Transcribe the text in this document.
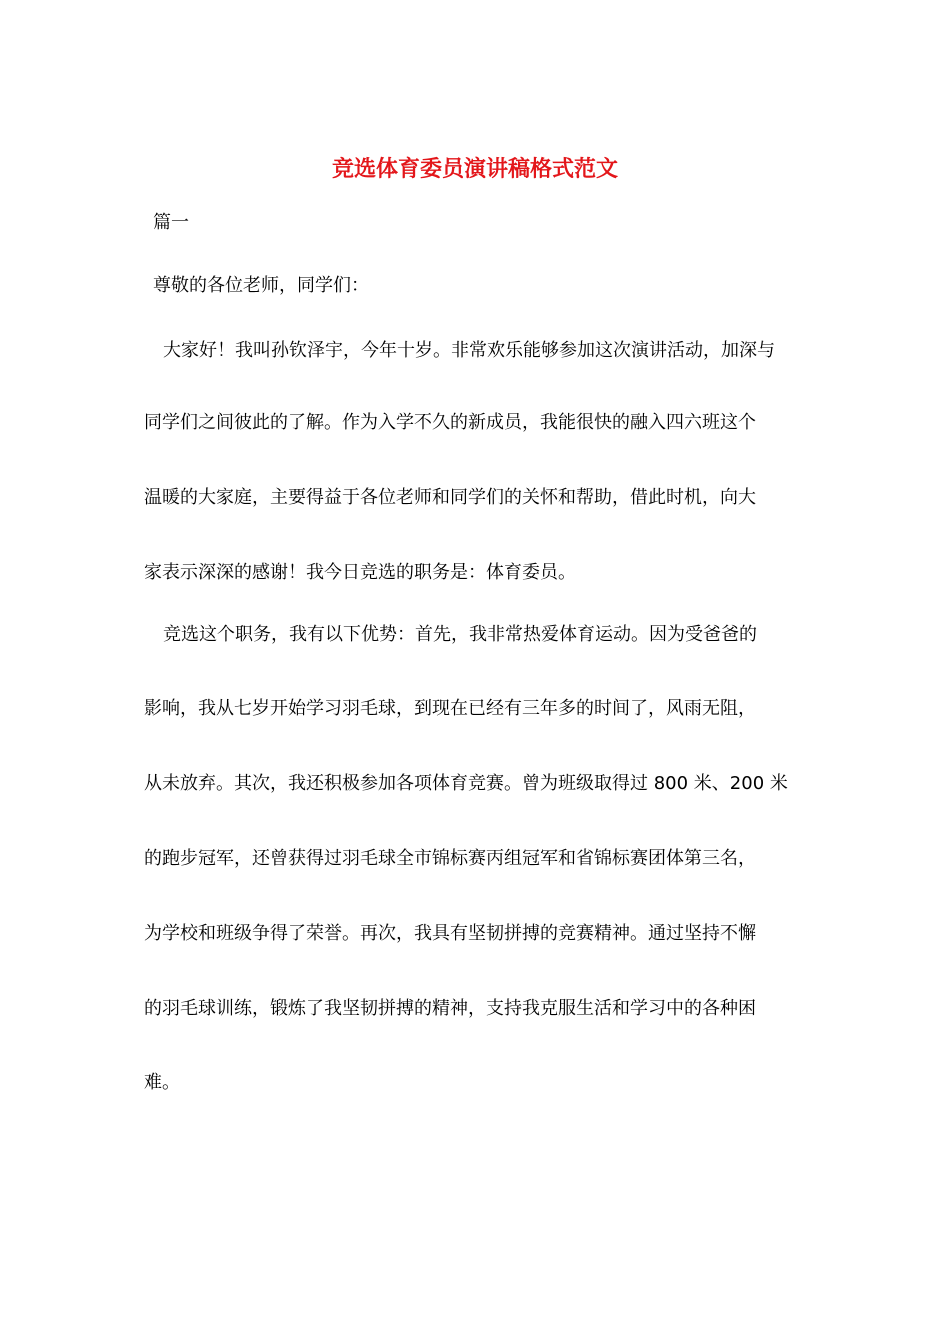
竞选体育委员演讲稿格式范文
篇一
尊敬的各位老师，同学们：
大家好！我叫孙钦泽宇，今年十岁。非常欢乐能够参加这次演讲活动，加深与
同学们之间彼此的了解。作为入学不久的新成员，我能很快的融入四六班这个
温暖的大家庭，主要得益于各位老师和同学们的关怀和帮助，借此时机，向大
家表示深深的感谢！我今日竞选的职务是：体育委员。
竞选这个职务，我有以下优势：首先，我非常热爱体育运动。因为受爸爸的
影响，我从七岁开始学习羽毛球，到现在已经有三年多的时间了，风雨无阻，
从未放弃。其次，我还积极参加各项体育竞赛。曾为班级取得过 800 米、200 米
的跑步冠军，还曾获得过羽毛球全市锦标赛丙组冠军和省锦标赛团体第三名，
为学校和班级争得了荣誉。再次，我具有坚韧拼搏的竞赛精神。通过坚持不懈
的羽毛球训练，锻炼了我坚韧拼搏的精神，支持我克服生活和学习中的各种困
难。
